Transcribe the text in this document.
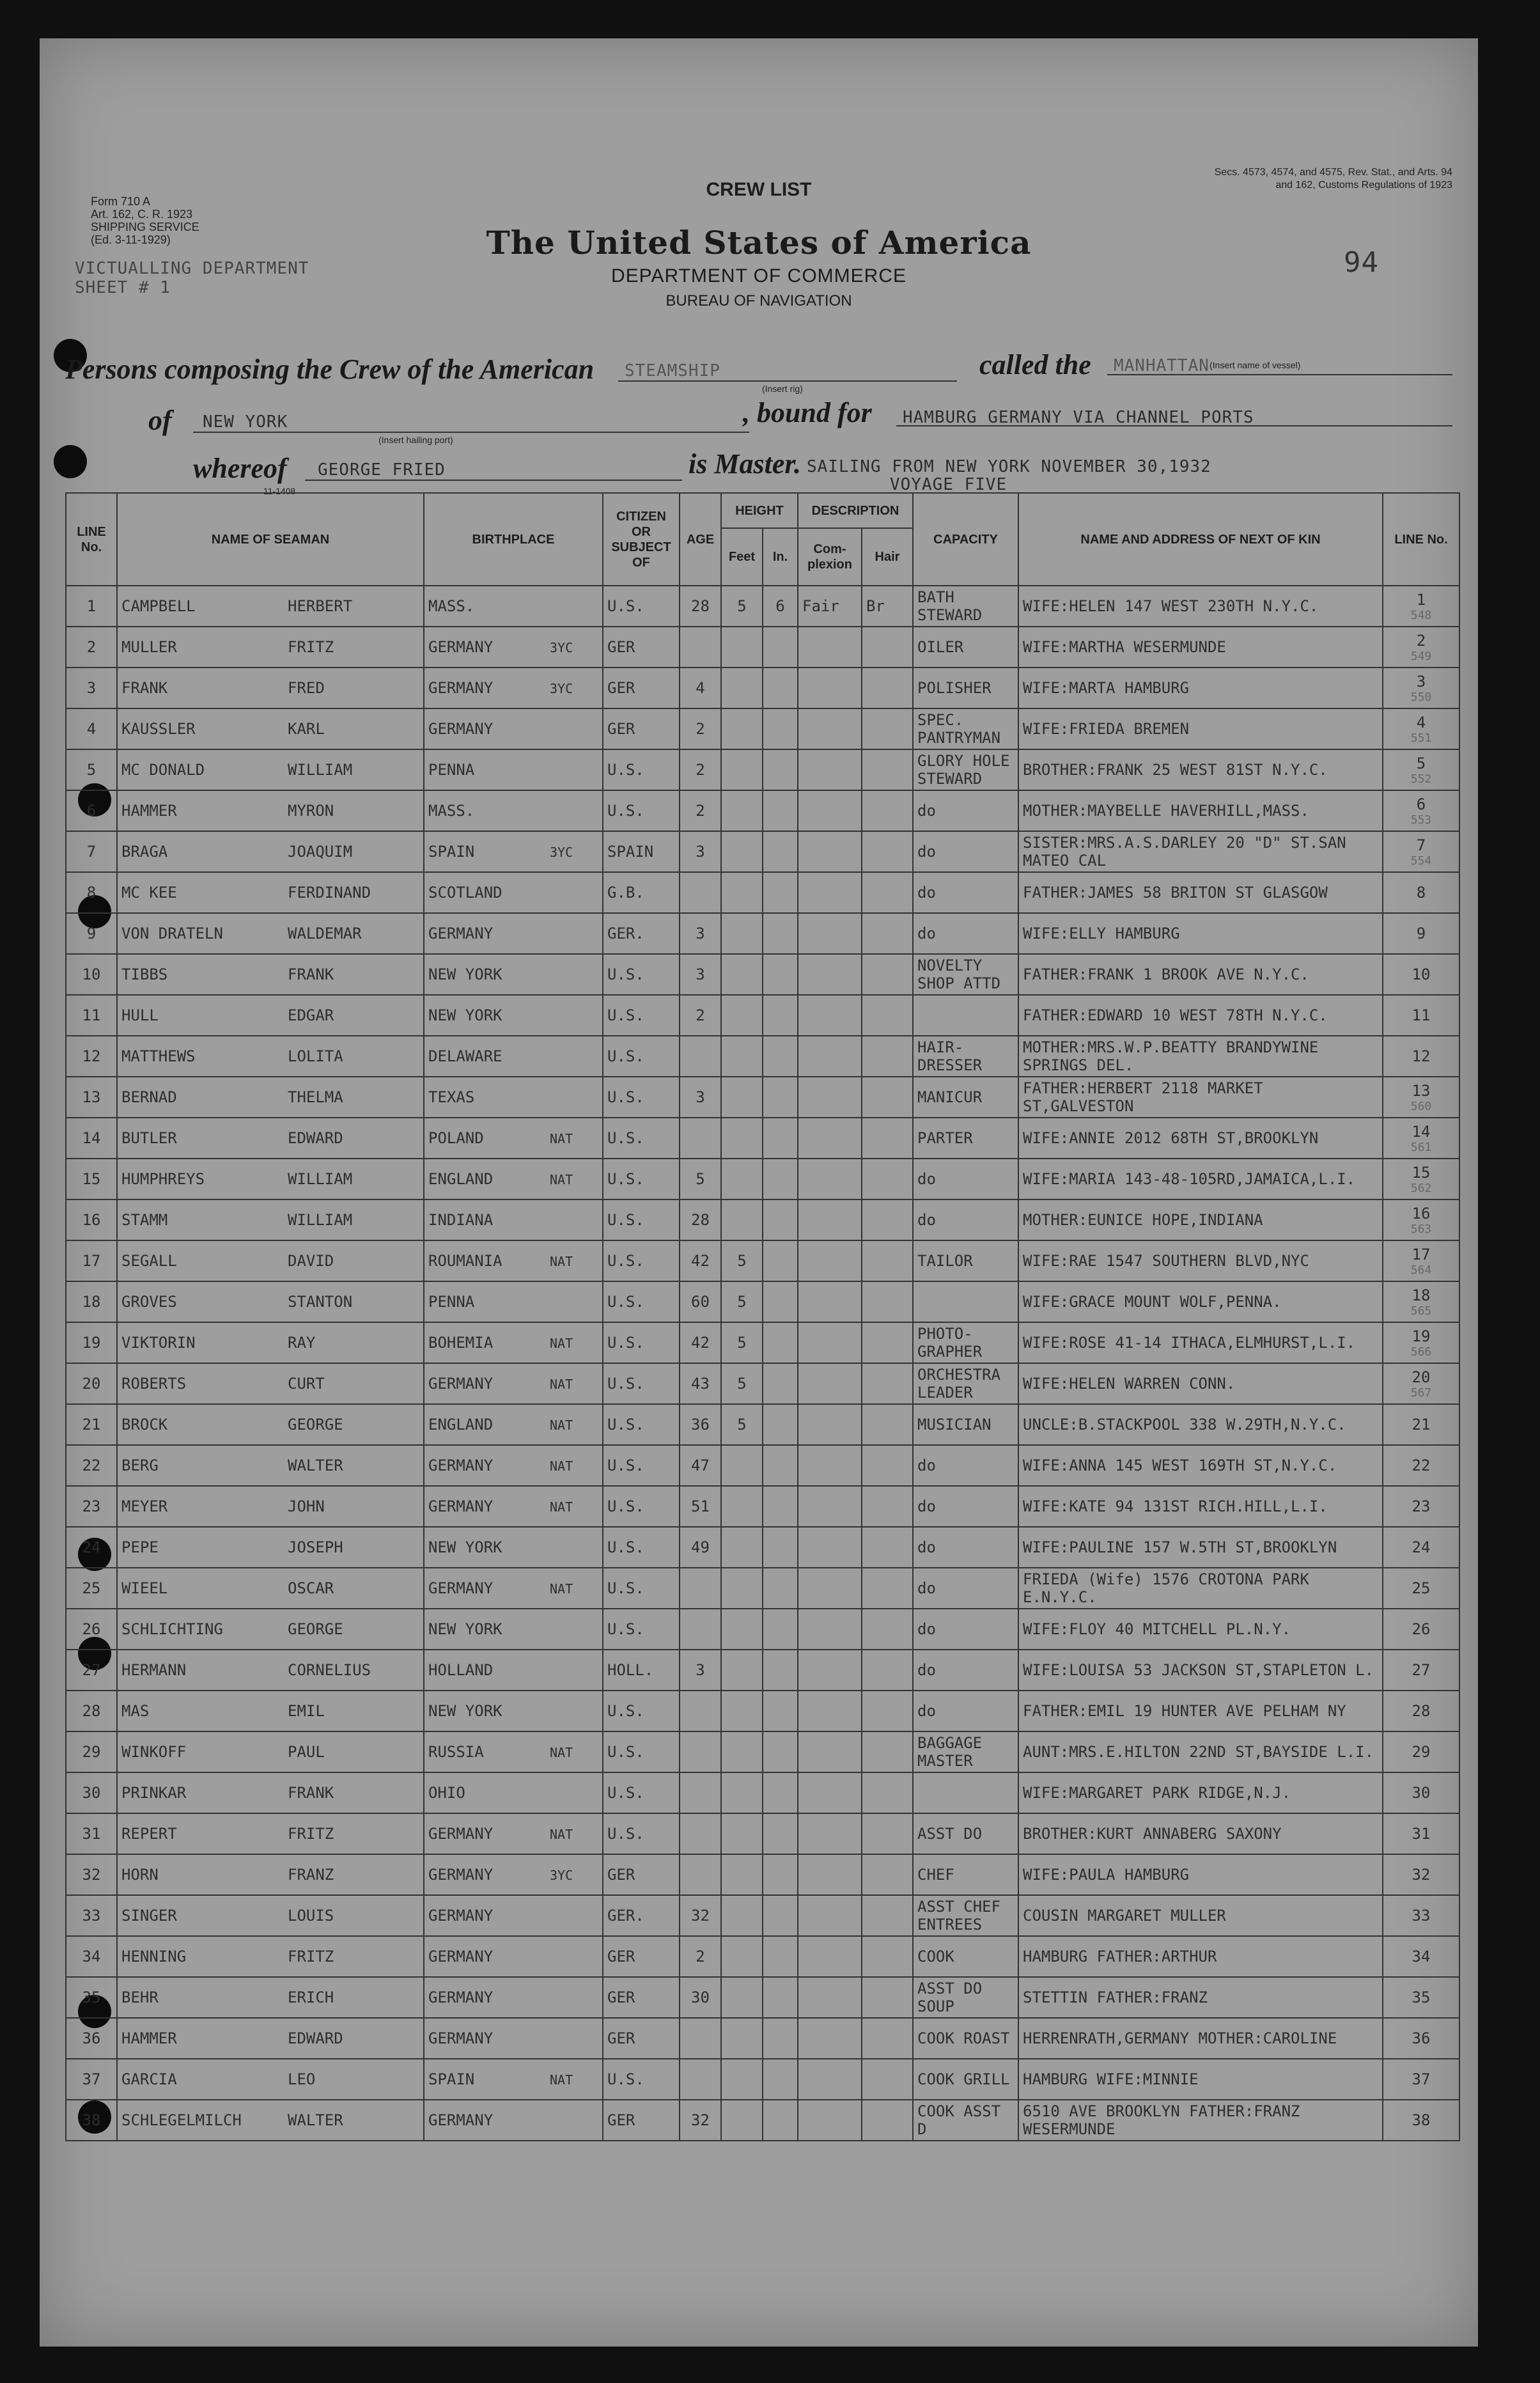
Form 710 A
Art. 162, C. R. 1923
SHIPPING SERVICE
(Ed. 3-11-1929)
Secs. 4573, 4574, and 4575, Rev. Stat., and Arts. 94 and 162, Customs Regulations of 1923
CREW LIST
The United States of America
DEPARTMENT OF COMMERCE
BUREAU OF NAVIGATION
94
VICTUALLING DEPARTMENT
SHEET # 1
Persons composing the Crew of the American STEAMSHIP
(Insert rig)
called the MANHATTAN (Insert name of vessel)
of NEW YORK
(Insert hailing port)
, bound for HAMBURG GERMANY VIA CHANNEL PORTS
whereof GEORGE FRIED	is Master. SAILING FROM NEW YORK NOVEMBER 30,1932
VOYAGE FIVE
11-1408
LINE No.	NAME OF SEAMAN	BIRTHPLACE	CITIZEN OR SUBJECT OF	AGE	HEIGHT		DESCRIPTION		CAPACITY	NAME AND ADDRESS OF NEXT OF KIN	LINE No.
					Feet	In.	Com-plexion	Hair			
1	CAMPBELL HERBERT	MASS.	U.S.	28	5	6	Fair	Br	BATH STEWARD	WIFE:HELEN 147 WEST 230TH N.Y.C.	1
548

2	MULLER FRITZ	GERMANY 3YC	GER						OILER	WIFE:MARTHA WESERMUNDE	2
549

3	FRANK FRED	GERMANY 3YC	GER	4					POLISHER	WIFE:MARTA HAMBURG	3
550

4	KAUSSLER KARL	GERMANY	GER	2					SPEC. PANTRYMAN	WIFE:FRIEDA BREMEN	4
551

5	MC DONALD WILLIAM	PENNA	U.S.	2					GLORY HOLE STEWARD	BROTHER:FRANK 25 WEST 81ST N.Y.C.	5
552

6	HAMMER MYRON	MASS.	U.S.	2					do	MOTHER:MAYBELLE HAVERHILL,MASS.	6
553

7	BRAGA JOAQUIM	SPAIN 3YC	SPAIN	3					do	SISTER:MRS.A.S.DARLEY 20 "D" ST.SAN MATEO CAL	7
554

8	MC KEE FERDINAND	SCOTLAND	G.B.						do	FATHER:JAMES 58 BRITON ST GLASGOW	8

9	VON DRATELN WALDEMAR	GERMANY	GER.	3					do	WIFE:ELLY HAMBURG	9

10	TIBBS FRANK	NEW YORK	U.S.	3					NOVELTY SHOP ATTD	FATHER:FRANK 1 BROOK AVE N.Y.C.	10

11	HULL EDGAR	NEW YORK	U.S.	2						FATHER:EDWARD 10 WEST 78TH N.Y.C.	11

12	MATTHEWS LOLITA	DELAWARE	U.S.						HAIR-DRESSER	MOTHER:MRS.W.P.BEATTY BRANDYWINE SPRINGS DEL.	12

13	BERNAD THELMA	TEXAS	U.S.	3					MANICUR	FATHER:HERBERT 2118 MARKET ST,GALVESTON	13
560

14	BUTLER EDWARD	POLAND NAT	U.S.						PARTER	WIFE:ANNIE 2012 68TH ST,BROOKLYN	14
561

15	HUMPHREYS WILLIAM	ENGLAND NAT	U.S.	5					do	WIFE:MARIA 143-48-105RD,JAMAICA,L.I.	15
562

16	STAMM WILLIAM	INDIANA	U.S.	28					do	MOTHER:EUNICE HOPE,INDIANA	16
563

17	SEGALL DAVID	ROUMANIA NAT	U.S.	42	5				TAILOR	WIFE:RAE 1547 SOUTHERN BLVD,NYC	17
564

18	GROVES STANTON	PENNA	U.S.	60	5					WIFE:GRACE MOUNT WOLF,PENNA.	18
565

19	VIKTORIN RAY	BOHEMIA NAT	U.S.	42	5				PHOTO-GRAPHER	WIFE:ROSE 41-14 ITHACA,ELMHURST,L.I.	19
566

20	ROBERTS CURT	GERMANY NAT	U.S.	43	5				ORCHESTRA LEADER	WIFE:HELEN WARREN CONN.	20
567

21	BROCK GEORGE	ENGLAND NAT	U.S.	36	5				MUSICIAN	UNCLE:B.STACKPOOL 338 W.29TH,N.Y.C.	21

22	BERG WALTER	GERMANY NAT	U.S.	47					do	WIFE:ANNA 145 WEST 169TH ST,N.Y.C.	22

23	MEYER JOHN	GERMANY NAT	U.S.	51					do	WIFE:KATE 94 131ST RICH.HILL,L.I.	23

24	PEPE JOSEPH	NEW YORK	U.S.	49					do	WIFE:PAULINE 157 W.5TH ST,BROOKLYN	24

25	WIEEL OSCAR	GERMANY NAT	U.S.						do	FRIEDA (Wife) 1576 CROTONA PARK E.N.Y.C.	25

26	SCHLICHTING GEORGE	NEW YORK	U.S.						do	WIFE:FLOY 40 MITCHELL PL.N.Y.	26

27	HERMANN CORNELIUS	HOLLAND	HOLL.	3					do	WIFE:LOUISA 53 JACKSON ST,STAPLETON L.	27

28	MAS EMIL	NEW YORK	U.S.						do	FATHER:EMIL 19 HUNTER AVE PELHAM NY	28

29	WINKOFF PAUL	RUSSIA NAT	U.S.						BAGGAGE MASTER	AUNT:MRS.E.HILTON 22ND ST,BAYSIDE L.I.	29

30	PRINKAR FRANK	OHIO	U.S.							WIFE:MARGARET PARK RIDGE,N.J.	30

31	REPERT FRITZ	GERMANY NAT	U.S.						ASST DO	BROTHER:KURT ANNABERG SAXONY	31

32	HORN FRANZ	GERMANY 3YC	GER						CHEF	WIFE:PAULA HAMBURG	32

33	SINGER LOUIS	GERMANY	GER.	32					ASST CHEF ENTREES	COUSIN MARGARET MULLER	33

34	HENNING FRITZ	GERMANY	GER	2					COOK	HAMBURG FATHER:ARTHUR	34

35	BEHR ERICH	GERMANY	GER	30					ASST DO SOUP	STETTIN FATHER:FRANZ	35

36	HAMMER EDWARD	GERMANY	GER						COOK ROAST	HERRENRATH,GERMANY MOTHER:CAROLINE	36

37	GARCIA LEO	SPAIN NAT	U.S.						COOK GRILL	HAMBURG WIFE:MINNIE	37

38	SCHLEGELMILCH WALTER	GERMANY	GER	32					COOK ASST D	6510 AVE BROOKLYN FATHER:FRANZ WESERMUNDE	38
